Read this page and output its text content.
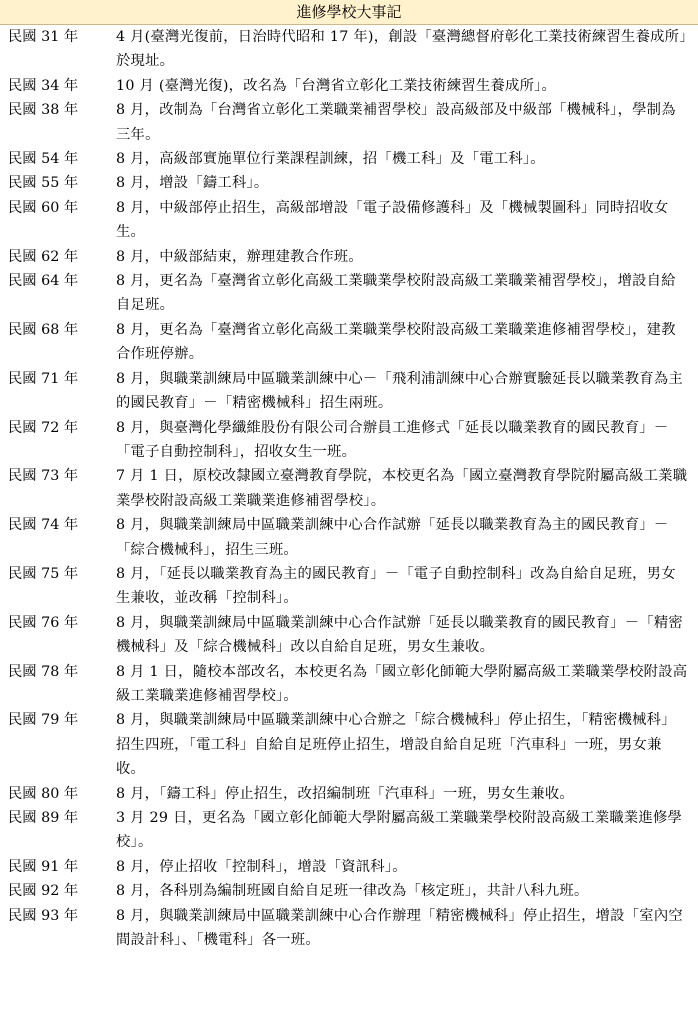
進修學校大事記
民國 31 年	4 月(臺灣光復前，日治時代昭和 17 年)，創設「臺灣總督府彰化工業技術練習生養成所」於現址。
民國 34 年	10 月 (臺灣光復)，改名為「台灣省立彰化工業技術練習生養成所」。
民國 38 年	8 月，改制為「台灣省立彰化工業職業補習學校」設高級部及中級部「機械科」，學制為三年。
民國 54 年	8 月，高級部實施單位行業課程訓練，招「機工科」及「電工科」。
民國 55 年	8 月，增設「鑄工科」。
民國 60 年	8 月，中級部停止招生，高級部增設「電子設備修護科」及「機械製圖科」同時招收女生。
民國 62 年	8 月，中級部結束，辦理建教合作班。
民國 64 年	8 月，更名為「臺灣省立彰化高級工業職業學校附設高級工業職業補習學校」，增設自給自足班。
民國 68 年	8 月，更名為「臺灣省立彰化高級工業職業學校附設高級工業職業進修補習學校」，建教合作班停辦。
民國 71 年	8 月，與職業訓練局中區職業訓練中心－「飛利浦訓練中心合辦實驗延長以職業教育為主的國民教育」－「精密機械科」招生兩班。
民國 72 年	8 月，與臺灣化學纖維股份有限公司合辦員工進修式「延長以職業教育的國民教育」－「電子自動控制科」，招收女生一班。
民國 73 年	7 月 1 日，原校改隸國立臺灣教育學院，本校更名為「國立臺灣教育學院附屬高級工業職業學校附設高級工業職業進修補習學校」。
民國 74 年	8 月，與職業訓練局中區職業訓練中心合作試辦「延長以職業教育為主的國民教育」－「綜合機械科」，招生三班。
民國 75 年	8 月，「延長以職業教育為主的國民教育」－「電子自動控制科」改為自給自足班，男女生兼收，並改稱「控制科」。
民國 76 年	8 月，與職業訓練局中區職業訓練中心合作試辦「延長以職業教育的國民教育」－「精密機械科」及「綜合機械科」改以自給自足班，男女生兼收。
民國 78 年	8 月 1 日，隨校本部改名，本校更名為「國立彰化師範大學附屬高級工業職業學校附設高級工業職業進修補習學校」。
民國 79 年	8 月，與職業訓練局中區職業訓練中心合辦之「綜合機械科」停止招生，「精密機械科」招生四班，「電工科」自給自足班停止招生，增設自給自足班「汽車科」一班，男女兼收。
民國 80 年	8 月，「鑄工科」停止招生，改招編制班「汽車科」一班，男女生兼收。
民國 89 年	3 月 29 日，更名為「國立彰化師範大學附屬高級工業職業學校附設高級工業職業進修學校」。
民國 91 年	8 月，停止招收「控制科」，增設「資訊科」。
民國 92 年	8 月，各科別為編制班國自給自足班一律改為「核定班」，共計八科九班。
民國 93 年	8 月，與職業訓練局中區職業訓練中心合作辦理「精密機械科」停止招生，增設「室內空間設計科」、「機電科」各一班。
